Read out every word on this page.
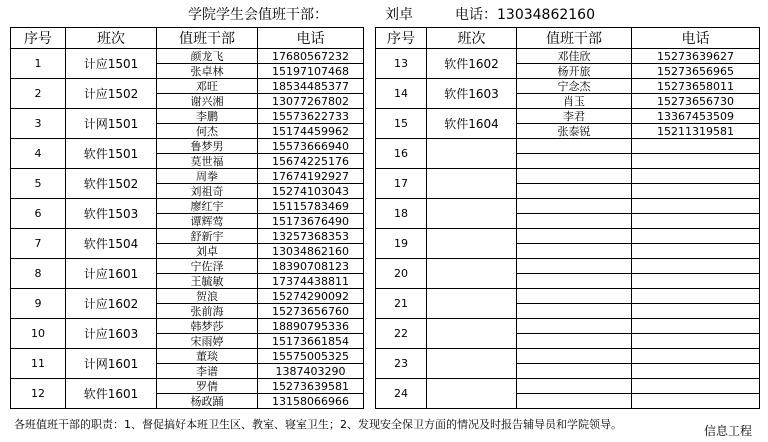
学院学生会值班干部：	刘卓	电话：13034862160
序号	班次	值班干部	电话
1	计应1501	颜龙飞	17680567232
		张卓林	15197107468
2	计应1502	邓旺	18534485377
		谢兴湘	13077267802
3	计网1501	李鹏	15573622733
		何杰	15174459962
4	软件1501	鲁梦男	15573666940
		莫世福	15674225176
5	软件1502	周拳	17674192927
		刘祖奇	15274103043
6	软件1503	廖红宇	15115783469
		谭辉莺	15173676490
7	软件1504	舒新宇	13257368353
		刘卓	13034862160
8	计应1601	宁佐泽	18390708123
		王毓敏	17374438811
9	计应1602	贺浪	15274290092
		张前海	15273656760
10	计应1603	韩梦莎	18890795336
		宋雨婷	15173661854
11	计网1601	董琰	15575005325
		李谱	1387403290
12	软件1601	罗倩	15273639581
		杨政踊	13158066966
序号	班次	值班干部	电话
13	软件1602	邓佳欣	15273639627
		杨开旅	15273656965
14	软件1603	宁念杰	15273658011
		肖玉	15273656730
15	软件1604	李君	13367453509
		张泰锐	15211319581
16			

17			

18			

19			

20			

21			

22			

23			

24			

各班值班干部的职责：1、督促搞好本班卫生区、教室、寝室卫生；2、发现安全保卫方面的情况及时报告辅导员和学院领导。	信息工程
